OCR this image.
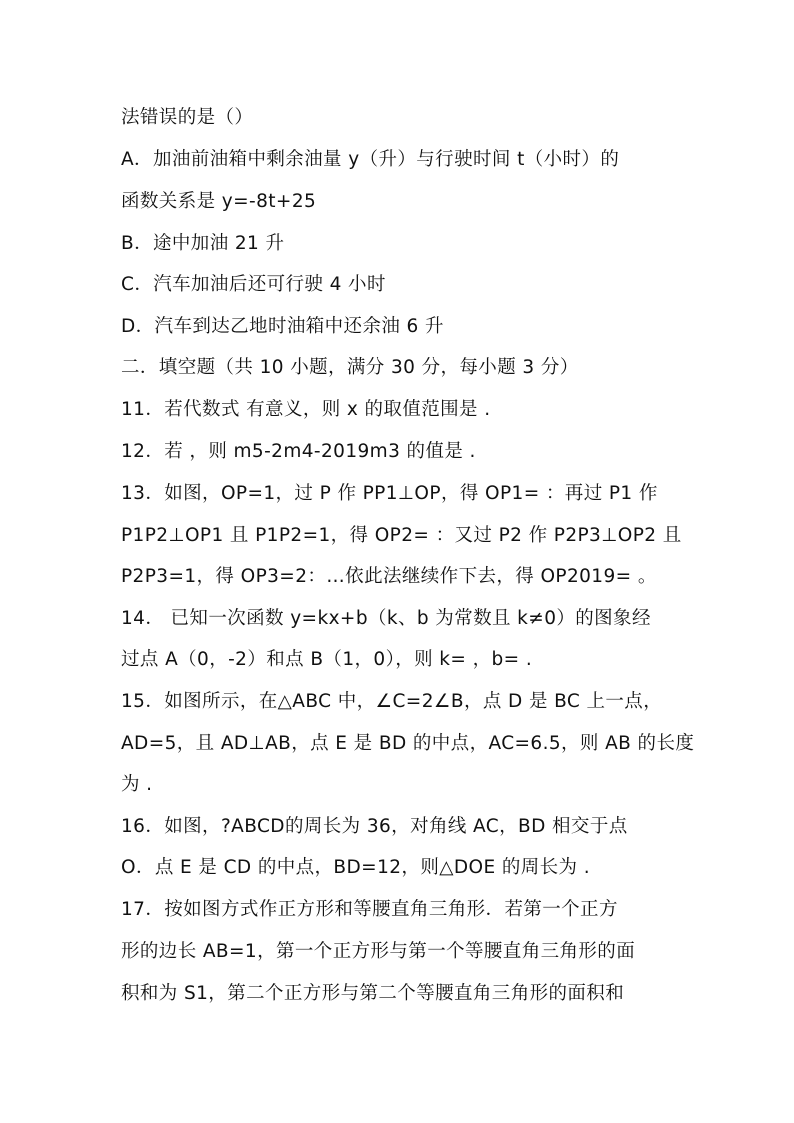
法错误的是（）
A．加油前油箱中剩余油量 y（升）与行驶时间 t（小时）的
函数关系是 y=-8t+25
B．途中加油 21 升
C．汽车加油后还可行驶 4 小时
D．汽车到达乙地时油箱中还余油 6 升
二．填空题（共 10 小题，满分 30 分，每小题 3 分）
11．若代数式 有意义，则 x 的取值范围是 .
12．若 ，则 m5-2m4-2019m3 的值是 .
13．如图，OP=1，过 P 作 PP1⊥OP，得 OP1= ：再过 P1 作
P1P2⊥OP1 且 P1P2=1，得 OP2= ：又过 P2 作 P2P3⊥OP2 且
P2P3=1，得 OP3=2：…依此法继续作下去，得 OP2019= 。
14． 已知一次函数 y=kx+b（k、b 为常数且 k≠0）的图象经
过点 A（0，-2）和点 B（1，0），则 k= ，b= .
15．如图所示，在△ABC 中，∠C=2∠B，点 D 是 BC 上一点，
AD=5，且 AD⊥AB，点 E 是 BD 的中点，AC=6.5，则 AB 的长度
为 .
16．如图，?ABCD的周长为 36，对角线 AC，BD 相交于点
O．点 E 是 CD 的中点，BD=12，则△DOE 的周长为 .
17．按如图方式作正方形和等腰直角三角形．若第一个正方
形的边长 AB=1，第一个正方形与第一个等腰直角三角形的面
积和为 S1，第二个正方形与第二个等腰直角三角形的面积和
